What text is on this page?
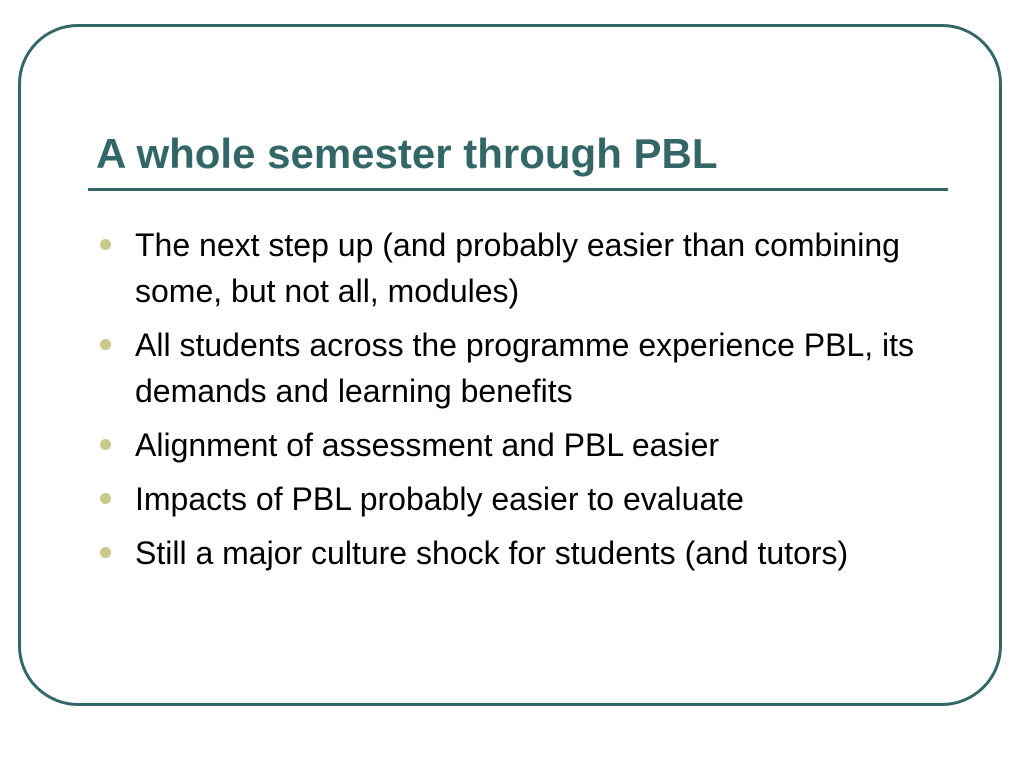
A whole semester through PBL
The next step up (and probably easier than combining some, but not all, modules)
All students across the programme experience PBL, its demands and learning benefits
Alignment of assessment and PBL easier
Impacts of PBL probably easier to evaluate
Still a major culture shock for students (and tutors)
